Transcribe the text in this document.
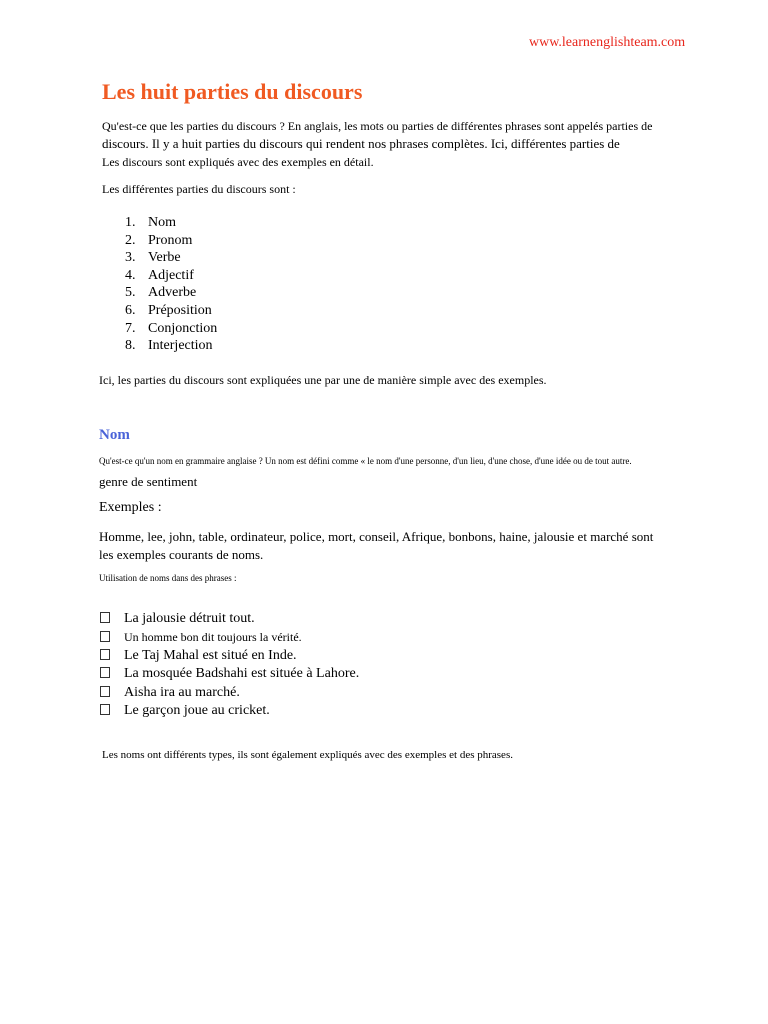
www.learnenglishteam.com
Les huit parties du discours
Qu'est-ce que les parties du discours ? En anglais, les mots ou parties de différentes phrases sont appelés parties de
discours. Il y a huit parties du discours qui rendent nos phrases complètes. Ici, différentes parties de
Les discours sont expliqués avec des exemples en détail.
Les différentes parties du discours sont :
1. Nom
2. Pronom
3. Verbe
4. Adjectif
5. Adverbe
6. Préposition
7. Conjonction
8. Interjection
Ici, les parties du discours sont expliquées une par une de manière simple avec des exemples.
Nom
Qu'est-ce qu'un nom en grammaire anglaise ? Un nom est défini comme « le nom d'une personne, d'un lieu, d'une chose, d'une idée ou de tout autre.
genre de sentiment
Exemples :
Homme, lee, john, table, ordinateur, police, mort, conseil, Afrique, bonbons, haine, jalousie et marché sont
les exemples courants de noms.
Utilisation de noms dans des phrases :
La jalousie détruit tout.
Un homme bon dit toujours la vérité.
Le Taj Mahal est situé en Inde.
La mosquée Badshahi est située à Lahore.
Aisha ira au marché.
Le garçon joue au cricket.
Les noms ont différents types, ils sont également expliqués avec des exemples et des phrases.
